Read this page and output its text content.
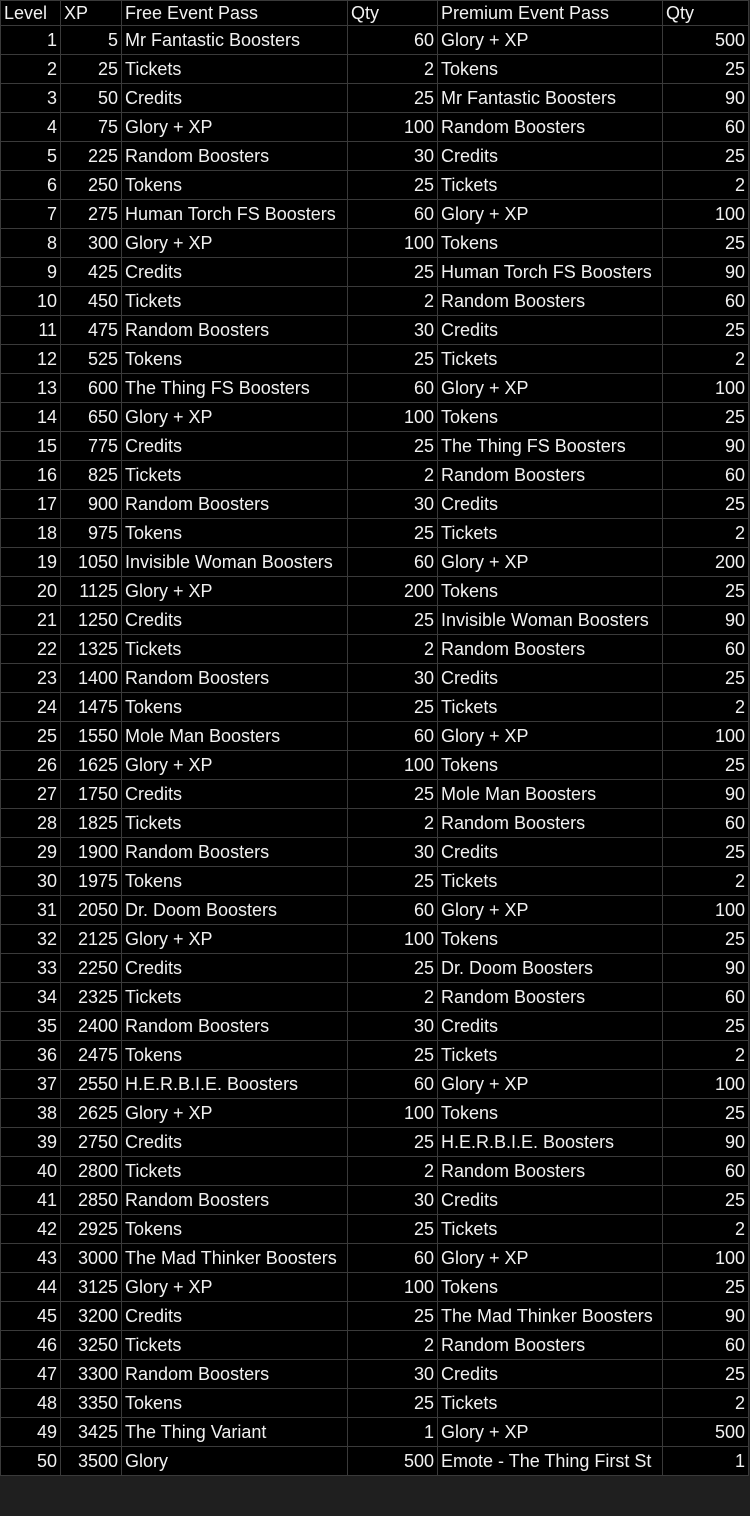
Level	XP	Free Event Pass	Qty	Premium Event Pass	Qty
1	5	Mr Fantastic Boosters	60	Glory + XP	500
2	25	Tickets	2	Tokens	25
3	50	Credits	25	Mr Fantastic Boosters	90
4	75	Glory + XP	100	Random Boosters	60
5	225	Random Boosters	30	Credits	25
6	250	Tokens	25	Tickets	2
7	275	Human Torch FS Boosters	60	Glory + XP	100
8	300	Glory + XP	100	Tokens	25
9	425	Credits	25	Human Torch FS Boosters	90
10	450	Tickets	2	Random Boosters	60
11	475	Random Boosters	30	Credits	25
12	525	Tokens	25	Tickets	2
13	600	The Thing FS Boosters	60	Glory + XP	100
14	650	Glory + XP	100	Tokens	25
15	775	Credits	25	The Thing FS Boosters	90
16	825	Tickets	2	Random Boosters	60
17	900	Random Boosters	30	Credits	25
18	975	Tokens	25	Tickets	2
19	1050	Invisible Woman Boosters	60	Glory + XP	200
20	1125	Glory + XP	200	Tokens	25
21	1250	Credits	25	Invisible Woman Boosters	90
22	1325	Tickets	2	Random Boosters	60
23	1400	Random Boosters	30	Credits	25
24	1475	Tokens	25	Tickets	2
25	1550	Mole Man Boosters	60	Glory + XP	100
26	1625	Glory + XP	100	Tokens	25
27	1750	Credits	25	Mole Man Boosters	90
28	1825	Tickets	2	Random Boosters	60
29	1900	Random Boosters	30	Credits	25
30	1975	Tokens	25	Tickets	2
31	2050	Dr. Doom Boosters	60	Glory + XP	100
32	2125	Glory + XP	100	Tokens	25
33	2250	Credits	25	Dr. Doom Boosters	90
34	2325	Tickets	2	Random Boosters	60
35	2400	Random Boosters	30	Credits	25
36	2475	Tokens	25	Tickets	2
37	2550	H.E.R.B.I.E. Boosters	60	Glory + XP	100
38	2625	Glory + XP	100	Tokens	25
39	2750	Credits	25	H.E.R.B.I.E. Boosters	90
40	2800	Tickets	2	Random Boosters	60
41	2850	Random Boosters	30	Credits	25
42	2925	Tokens	25	Tickets	2
43	3000	The Mad Thinker Boosters	60	Glory + XP	100
44	3125	Glory + XP	100	Tokens	25
45	3200	Credits	25	The Mad Thinker Boosters	90
46	3250	Tickets	2	Random Boosters	60
47	3300	Random Boosters	30	Credits	25
48	3350	Tokens	25	Tickets	2
49	3425	The Thing Variant	1	Glory + XP	500
50	3500	Glory	500	Emote - The Thing First St	1
